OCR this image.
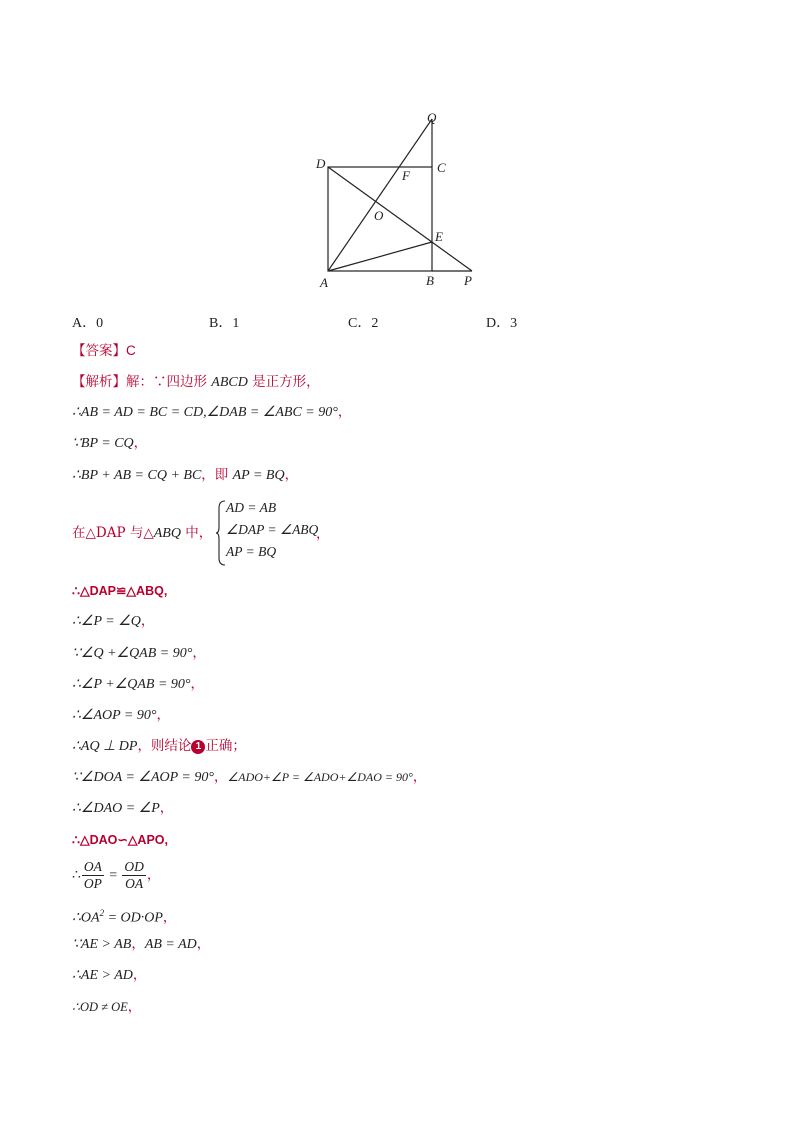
Q
D	C
F
O
E
A	B P
A．0	B．1	C．2	D．3
【答案】C
【解析】解：∵四边形 ABCD 是正方形，
∴AB = AD = BC = CD,∠DAB = ∠ABC = 90°，
∵BP = CQ，
∴BP + AB = CQ + BC，即 AP = BQ，
在△DAP 与△ABQ 中，
AD = AB
∠DAP = ∠ABQ
AP = BQ
，
∴△DAP≌△ABQ,
∴∠P = ∠Q，
∵∠Q +∠QAB = 90°，
∴∠P +∠QAB = 90°，
∴∠AOP = 90°，
∴AQ ⊥ DP，则结论 1 正确；
∵∠DOA = ∠AOP = 90°，∠ADO+∠P = ∠ADO+∠DAO = 90°，
∴∠DAO = ∠P，
∴△DAO∽△APO,
∴ $\frac{OA}{OP} = \frac{OD}{OA}$ ，
$\therefore OA^2 = OD\cdot OP$，
∵AE > AB，AB = AD，
∴AE > AD，
∴OD ≠ OE，
